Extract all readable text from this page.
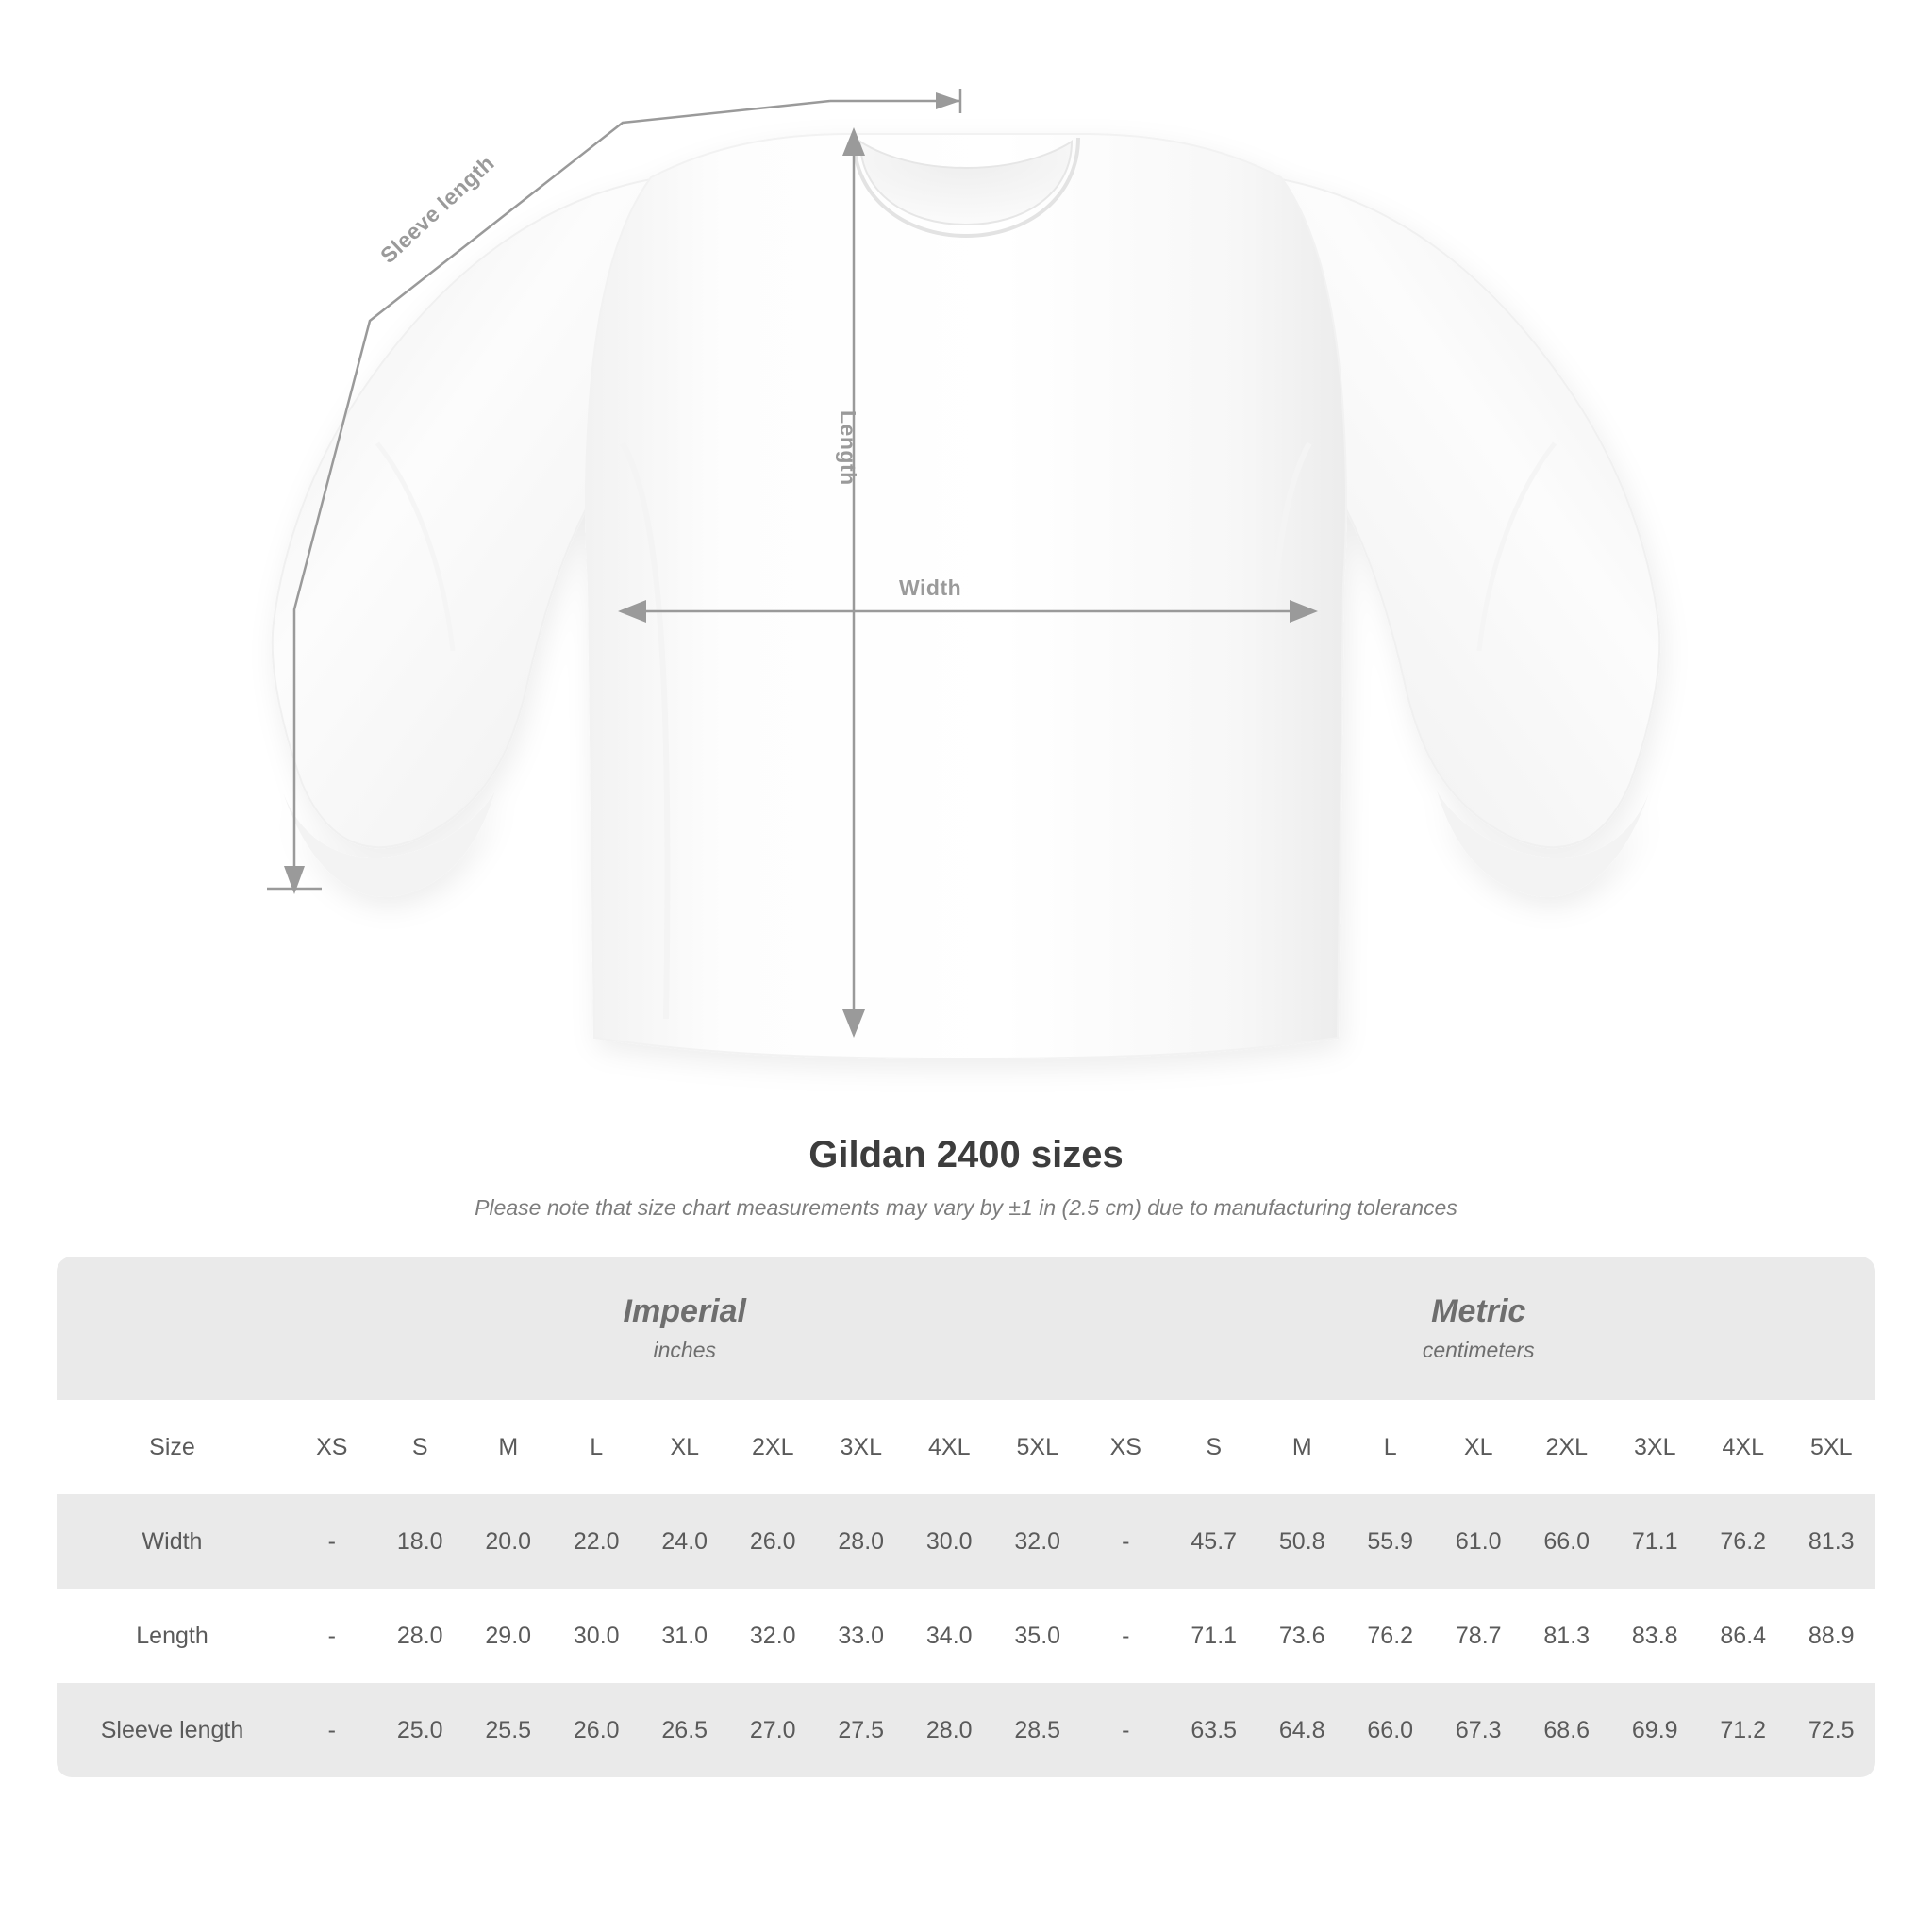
Sleeve length
Length
Width
Gildan 2400 sizes

Please note that size chart measurements may vary by ±1 in (2.5 cm) due to manufacturing tolerances

	Imperial
inches									Metric
centimeters								

Size	XS	S	M	L	XL	2XL	3XL	4XL	5XL	XS	S	M	L	XL	2XL	3XL	4XL	5XL
Width	-	18.0	20.0	22.0	24.0	26.0	28.0	30.0	32.0	-	45.7	50.8	55.9	61.0	66.0	71.1	76.2	81.3
Length	-	28.0	29.0	30.0	31.0	32.0	33.0	34.0	35.0	-	71.1	73.6	76.2	78.7	81.3	83.8	86.4	88.9
Sleeve length	-	25.0	25.5	26.0	26.5	27.0	27.5	28.0	28.5	-	63.5	64.8	66.0	67.3	68.6	69.9	71.2	72.5
